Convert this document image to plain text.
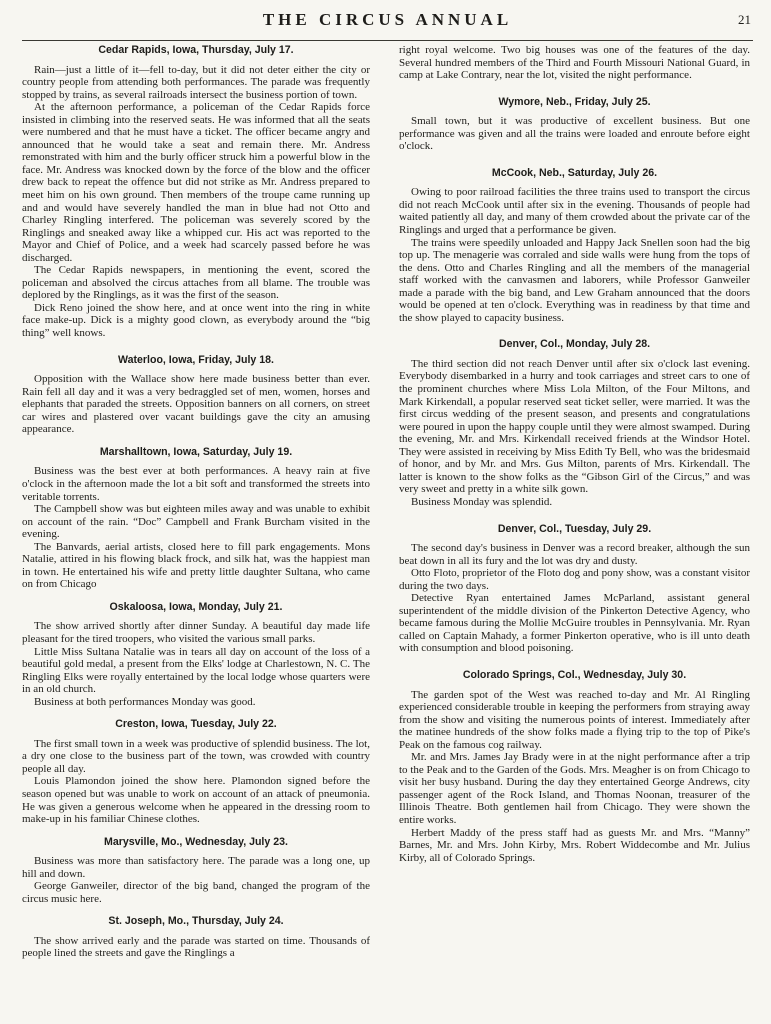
THE CIRCUS ANNUAL	21
Cedar Rapids, Iowa, Thursday, July 17.

Rain—just a little of it—fell to-day, but it did not deter either the city or country people from attending both performances. The parade was frequently stopped by trains, as several railroads intersect the business portion of town.

At the afternoon performance, a policeman of the Cedar Rapids force insisted in climbing into the reserved seats. He was informed that all the seats were numbered and that he must have a ticket. The officer became angry and announced that he would take a seat and remain there. Mr. Andress remonstrated with him and the burly officer struck him a powerful blow in the face. Mr. Andress was knocked down by the force of the blow and the officer drew back to repeat the offence but did not strike as Mr. Andress prepared to meet him on his own ground. Then members of the troupe came running up and and would have severely handled the man in blue had not Otto and Charley Ringling interfered. The policeman was severely scored by the Ringlings and sneaked away like a whipped cur. His act was reported to the Mayor and Chief of Police, and a week had scarcely passed before he was discharged.

The Cedar Rapids newspapers, in mentioning the event, scored the policeman and absolved the circus attaches from all blame. The trouble was deplored by the Ringlings, as it was the first of the season.

Dick Reno joined the show here, and at once went into the ring in white face make-up. Dick is a mighty good clown, as everybody around the “big thing” well knows.

Waterloo, Iowa, Friday, July 18.

Opposition with the Wallace show here made business better than ever. Rain fell all day and it was a very bedraggled set of men, women, horses and elephants that paraded the streets. Opposition banners on all corners, on street car wires and plastered over vacant buildings gave the city an amusing appearance.

Marshalltown, Iowa, Saturday, July 19.

Business was the best ever at both performances. A heavy rain at five o'clock in the afternoon made the lot a bit soft and transformed the streets into veritable torrents.

The Campbell show was but eighteen miles away and was unable to exhibit on account of the rain. “Doc” Campbell and Frank Burcham visited in the evening.

The Banvards, aerial artists, closed here to fill park engagements. Mons Natalie, attired in his flowing black frock, and silk hat, was the happiest man in town. He entertained his wife and pretty little daughter Sultana, who came on from Chicago

Oskaloosa, Iowa, Monday, July 21.

The show arrived shortly after dinner Sunday. A beautiful day made life pleasant for the tired troopers, who visited the various small parks.

Little Miss Sultana Natalie was in tears all day on account of the loss of a beautiful gold medal, a present from the Elks' lodge at Charlestown, N. C. The Ringling Elks were royally entertained by the local lodge whose quarters were in an old church.

Business at both performances Monday was good.

Creston, Iowa, Tuesday, July 22.

The first small town in a week was productive of splendid business. The lot, a dry one close to the business part of the town, was crowded with country people all day.

Louis Plamondon joined the show here. Plamondon signed before the season opened but was unable to work on account of an attack of pneumonia. He was given a generous welcome when he appeared in the dressing room to make-up in his familiar Chinese clothes.

Marysville, Mo., Wednesday, July 23.

Business was more than satisfactory here. The parade was a long one, up hill and down.

George Ganweiler, director of the big band, changed the program of the circus music here.

St. Joseph, Mo., Thursday, July 24.

The show arrived early and the parade was started on time. Thousands of people lined the streets and gave the Ringlings a

right royal welcome. Two big houses was one of the features of the day. Several hundred members of the Third and Fourth Missouri National Guard, in camp at Lake Contrary, near the lot, visited the night performance.

Wymore, Neb., Friday, July 25.

Small town, but it was productive of excellent business. But one performance was given and all the trains were loaded and enroute before eight o'clock.

McCook, Neb., Saturday, July 26.

Owing to poor railroad facilities the three trains used to transport the circus did not reach McCook until after six in the evening. Thousands of people had waited patiently all day, and many of them crowded about the private car of the Ringlings and urged that a performance be given.

The trains were speedily unloaded and Happy Jack Snellen soon had the big top up. The menagerie was corraled and side walls were hung from the tops of the dens. Otto and Charles Ringling and all the members of the managerial staff worked with the canvasmen and laborers, while Professor Ganweiler made a parade with the big band, and Lew Graham announced that the doors would be opened at ten o'clock. Everything was in readiness by that time and the show played to capacity business.

Denver, Col., Monday, July 28.

The third section did not reach Denver until after six o'clock last evening. Everybody disembarked in a hurry and took carriages and street cars to one of the prominent churches where Miss Lola Milton, of the Four Miltons, and Mark Kirkendall, a popular reserved seat ticket seller, were married. It was the first circus wedding of the present season, and presents and congratulations were poured in upon the happy couple until they were almost swamped. During the evening, Mr. and Mrs. Kirkendall received friends at the Windsor Hotel. They were assisted in receiving by Miss Edith Ty Bell, who was the bridesmaid of honor, and by Mr. and Mrs. Gus Milton, parents of Mrs. Kirkendall. The latter is known to the show folks as the “Gibson Girl of the Circus,” and was very sweet and pretty in a white silk gown.

Business Monday was splendid.

Denver, Col., Tuesday, July 29.

The second day's business in Denver was a record breaker, although the sun beat down in all its fury and the lot was dry and dusty.

Otto Floto, proprietor of the Floto dog and pony show, was a constant visitor during the two days.

Detective Ryan entertained James McParland, assistant general superintendent of the middle division of the Pinkerton Detective Agency, who became famous during the Mollie McGuire troubles in Pennsylvania. Mr. Ryan called on Captain Mahady, a former Pinkerton operative, who is ill unto death with consumption and blood poisoning.

Colorado Springs, Col., Wednesday, July 30.

The garden spot of the West was reached to-day and Mr. Al Ringling experienced considerable trouble in keeping the performers from straying away from the show and visiting the numerous points of interest. Immediately after the matinee hundreds of the show folks made a flying trip to the top of Pike's Peak on the famous cog railway.

Mr. and Mrs. James Jay Brady were in at the night performance after a trip to the Peak and to the Garden of the Gods. Mrs. Meagher is on from Chicago to visit her busy husband. During the day they entertained George Andrews, city passenger agent of the Rock Island, and Thomas Noonan, treasurer of the Illinois Theatre. Both gentlemen hail from Chicago. They were shown the entire works.

Herbert Maddy of the press staff had as guests Mr. and Mrs. “Manny” Barnes, Mr. and Mrs. John Kirby, Mrs. Robert Widdecombe and Mr. Julius Kirby, all of Colorado Springs.
